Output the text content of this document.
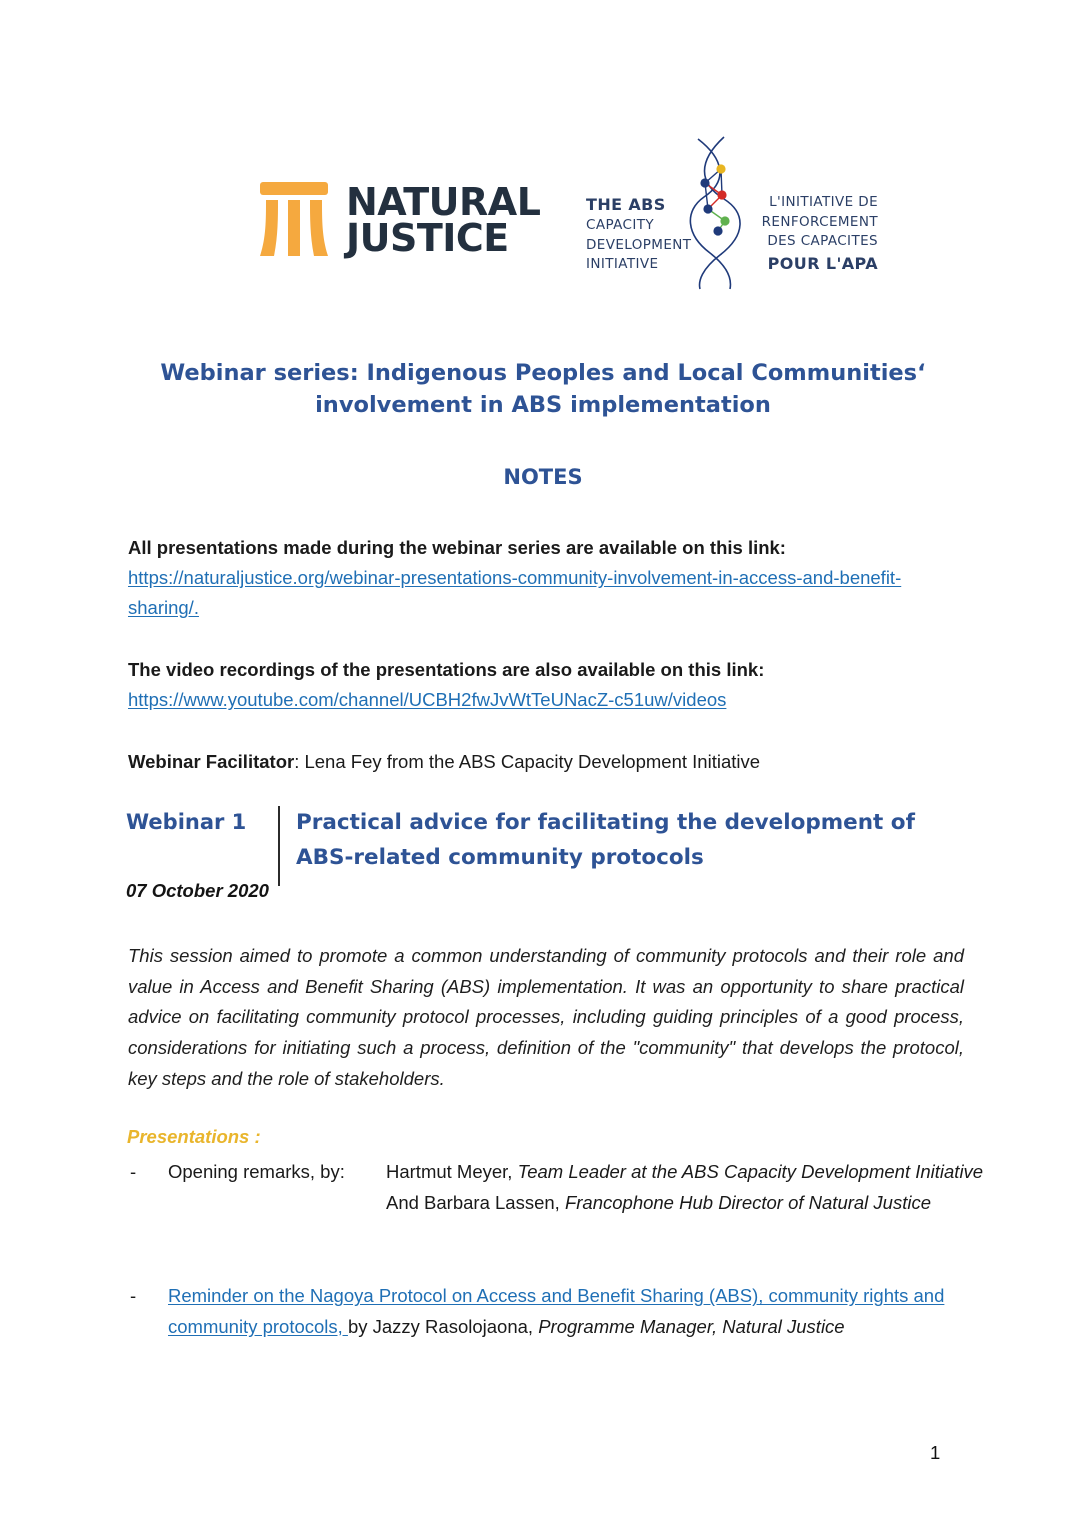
NATURAL
JUSTICE
THE ABS
CAPACITY
DEVELOPMENT
INITIATIVE
L'INITIATIVE DE
RENFORCEMENT
DES CAPACITES
POUR L'APA
Webinar series: Indigenous Peoples and Local Communities‘ involvement in ABS implementation
NOTES
All presentations made during the webinar series are available on this link:
https://naturaljustice.org/webinar-presentations-community-involvement-in-access-and-benefit-sharing/.
The video recordings of the presentations are also available on this link:
https://www.youtube.com/channel/UCBH2fwJvWtTeUNacZ-c51uw/videos
Webinar Facilitator: Lena Fey from the ABS Capacity Development Initiative
Webinar 1	Practical advice for facilitating the development of ABS-related community protocols
07 October 2020
This session aimed to promote a common understanding of community protocols and their role and value in Access and Benefit Sharing (ABS) implementation. It was an opportunity to share practical advice on facilitating community protocol processes, including guiding principles of a good process, considerations for initiating such a process, definition of the "community" that develops the protocol, key steps and the role of stakeholders.
Presentations :
-	Opening remarks, by:	Hartmut Meyer, Team Leader at the ABS Capacity Development Initiative
And Barbara Lassen, Francophone Hub Director of Natural Justice
-	Reminder on the Nagoya Protocol on Access and Benefit Sharing (ABS), community rights and community protocols, by Jazzy Rasolojaona, Programme Manager, Natural Justice
1
